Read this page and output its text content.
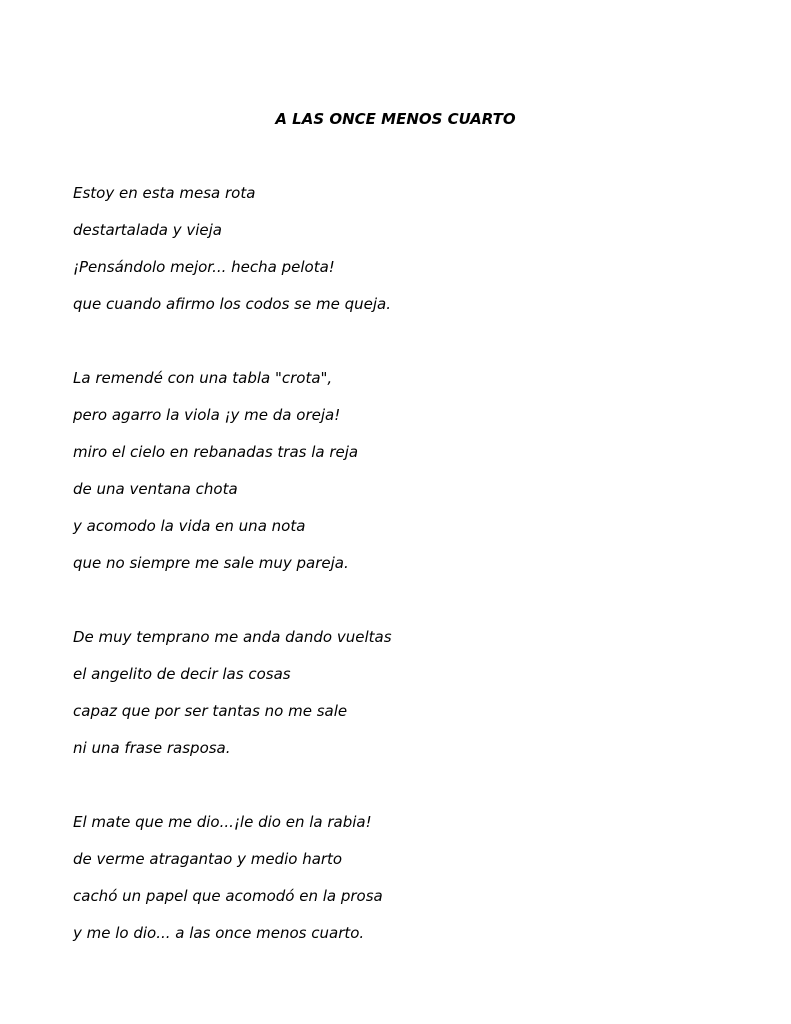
A LAS ONCE MENOS CUARTO
Estoy en esta mesa rota
destartalada y vieja
¡Pensándolo mejor... hecha pelota!
que cuando afirmo los codos se me queja.
La remendé con una tabla "crota",
pero agarro la viola ¡y me da oreja!
miro el cielo en rebanadas tras la reja
de una ventana chota
y acomodo la vida en una nota
que no siempre me sale muy pareja.
De muy temprano me anda dando vueltas
el angelito de decir las cosas
capaz que por ser tantas no me sale
ni una frase rasposa.
El mate que me dio...¡le dio en la rabia!
de verme atragantao y medio harto
cachó un papel que acomodó en la prosa
y me lo dio... a las once menos cuarto.
